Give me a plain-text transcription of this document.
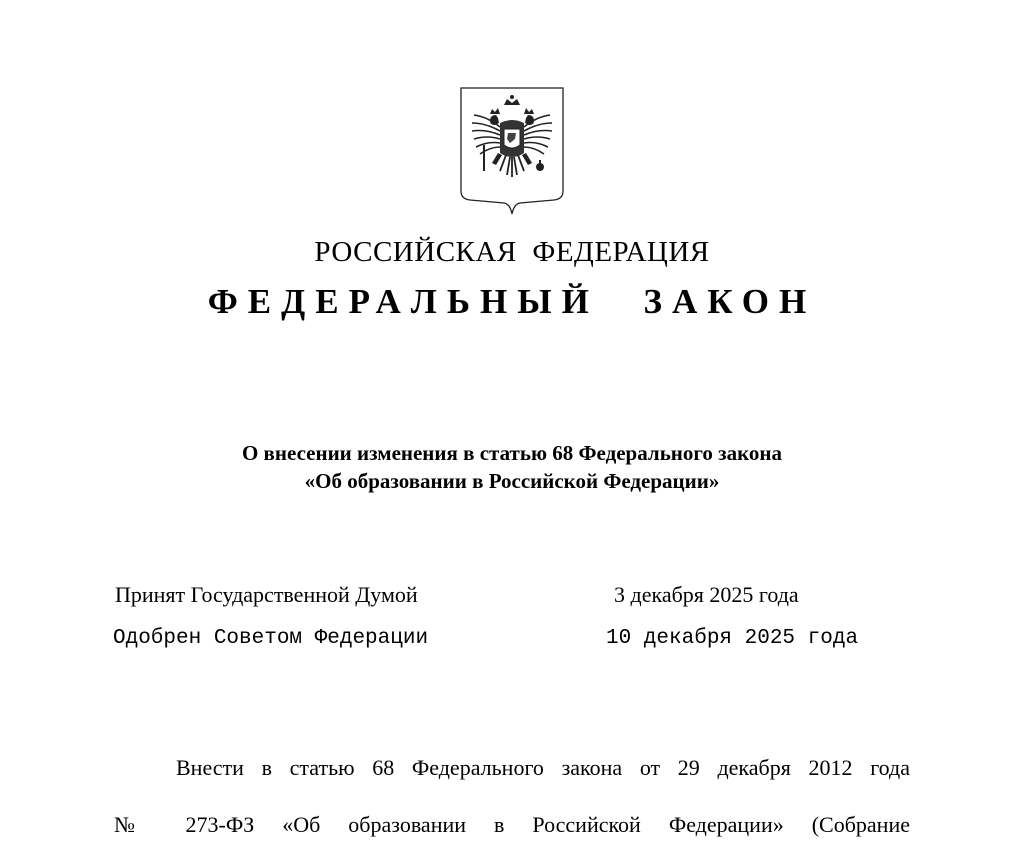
РОССИЙСКАЯ ФЕДЕРАЦИЯ
ФЕДЕРАЛЬНЫЙ ЗАКОН
О внесении изменения в статью 68 Федерального закона
«Об образовании в Российской Федерации»
Принят Государственной Думой	3 декабря 2025 года
Одобрен Советом Федерации	10 декабря 2025 года
Внести в статью 68 Федерального закона от 29 декабря 2012 года
№ 273-ФЗ «Об образовании в Российской Федерации» (Собрание
